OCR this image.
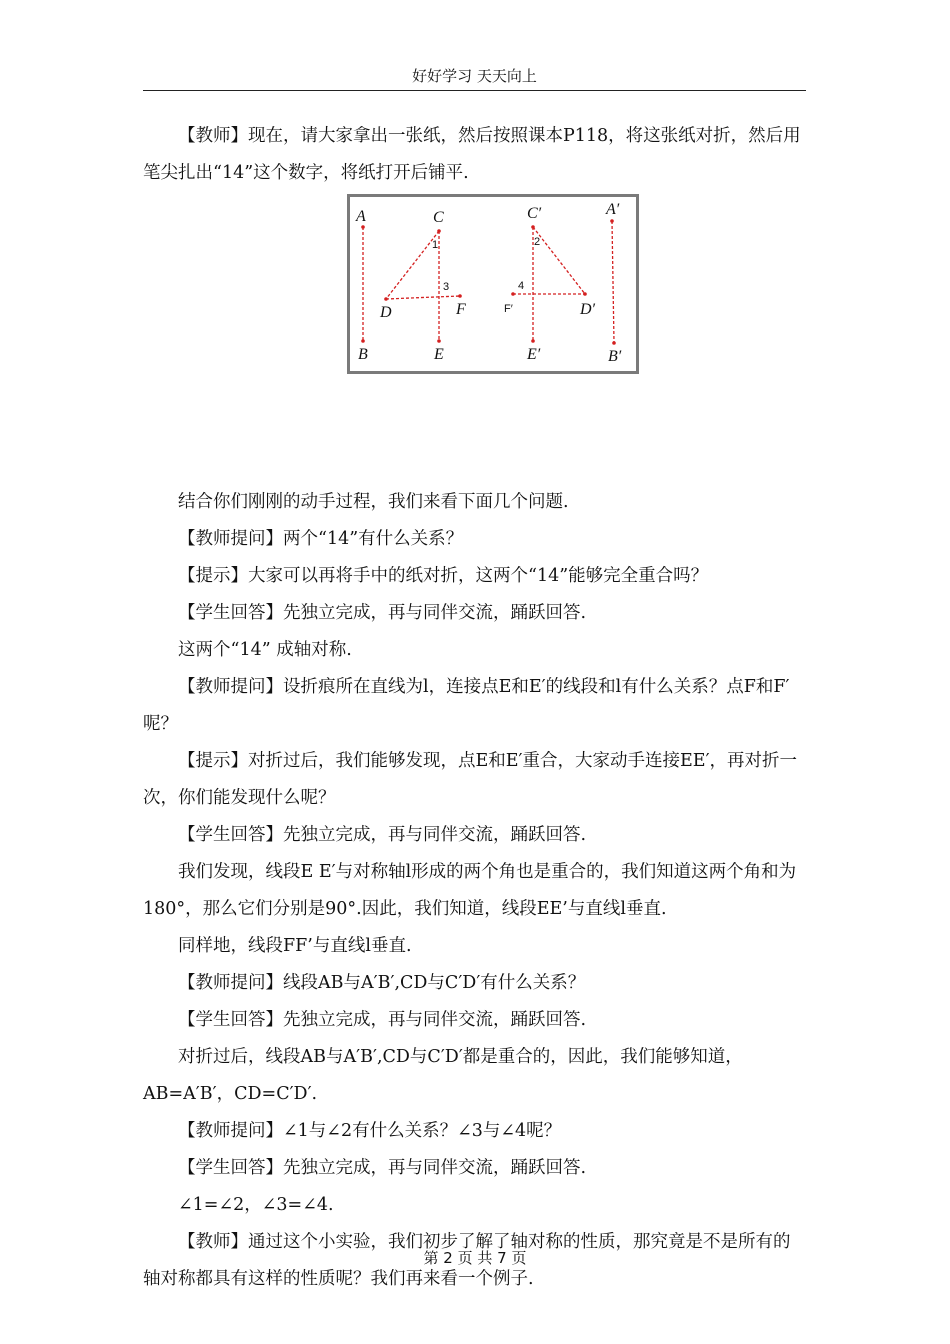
好好学习 天天向上

【教师】现在，请大家拿出一张纸，然后按照课本P118，将这张纸对折，然后用笔尖扎出“14”这个数字，将纸打开后铺平.

A
B
C
D
E
F
C′
D′
E′
A′
B′
F′
1	2
3	4

结合你们刚刚的动手过程，我们来看下面几个问题.

【教师提问】两个“14”有什么关系？

【提示】大家可以再将手中的纸对折，这两个“14”能够完全重合吗？

【学生回答】先独立完成，再与同伴交流，踊跃回答.

这两个“14” 成轴对称.

【教师提问】设折痕所在直线为l，连接点E和E′的线段和l有什么关系？点F和F′呢？

【提示】对折过后，我们能够发现，点E和E′重合，大家动手连接EE′，再对折一次，你们能发现什么呢？

【学生回答】先独立完成，再与同伴交流，踊跃回答.

我们发现，线段E E′与对称轴l形成的两个角也是重合的，我们知道这两个角和为180°，那么它们分别是90°.因此，我们知道，线段EE’与直线l垂直.

同样地，线段FF’与直线l垂直.

【教师提问】线段AB与A′B′,CD与C′D′有什么关系？

【学生回答】先独立完成，再与同伴交流，踊跃回答.

对折过后，线段AB与A′B′,CD与C′D′都是重合的，因此，我们能够知道，AB=A′B′，CD=C′D′.

【教师提问】∠1与∠2有什么关系？∠3与∠4呢？

【学生回答】先独立完成，再与同伴交流，踊跃回答.

∠1=∠2，∠3=∠4.

【教师】通过这个小实验，我们初步了解了轴对称的性质，那究竟是不是所有的轴对称都具有这样的性质呢？我们再来看一个例子.

第 2 页 共 7 页
